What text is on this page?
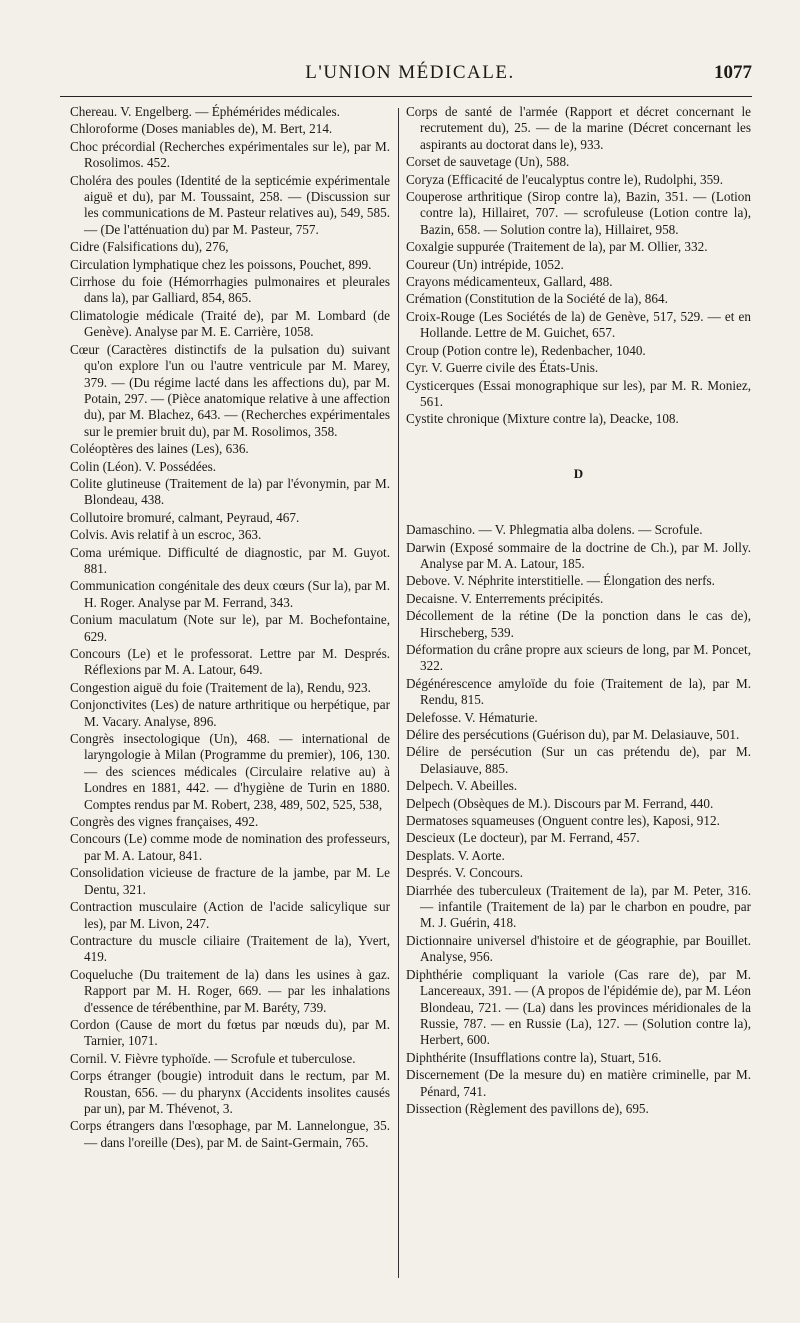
L'UNION MÉDICALE.	1077
Chereau. V. Engelberg. — Éphémérides médicales.
Chloroforme (Doses maniables de), M. Bert, 214.
Choc précordial (Recherches expérimentales sur le), par M. Rosolimos. 452.
Choléra des poules (Identité de la septicémie expérimentale aiguë et du), par M. Toussaint, 258. — (Discussion sur les communications de M. Pasteur relatives au), 549, 585. — (De l'atténuation du) par M. Pasteur, 757.
Cidre (Falsifications du), 276,
Circulation lymphatique chez les poissons, Pouchet, 899.
Cirrhose du foie (Hémorrhagies pulmonaires et pleurales dans la), par Galliard, 854, 865.
Climatologie médicale (Traité de), par M. Lombard (de Genève). Analyse par M. E. Carrière, 1058.
Cœur (Caractères distinctifs de la pulsation du) suivant qu'on explore l'un ou l'autre ventricule par M. Marey, 379. — (Du régime lacté dans les affections du), par M. Potain, 297. — (Pièce anatomique relative à une affection du), par M. Blachez, 643. — (Recherches expérimentales sur le premier bruit du), par M. Rosolimos, 358.
Coléoptères des laines (Les), 636.
Colin (Léon). V. Possédées.
Colite glutineuse (Traitement de la) par l'évonymin, par M. Blondeau, 438.
Collutoire bromuré, calmant, Peyraud, 467.
Colvis. Avis relatif à un escroc, 363.
Coma urémique. Difficulté de diagnostic, par M. Guyot. 881.
Communication congénitale des deux cœurs (Sur la), par M. H. Roger. Analyse par M. Ferrand, 343.
Conium maculatum (Note sur le), par M. Bochefontaine, 629.
Concours (Le) et le professorat. Lettre par M. Després. Réflexions par M. A. Latour, 649.
Congestion aiguë du foie (Traitement de la), Rendu, 923.
Conjonctivites (Les) de nature arthritique ou herpétique, par M. Vacary. Analyse, 896.
Congrès insectologique (Un), 468. — international de laryngologie à Milan (Programme du premier), 106, 130. — des sciences médicales (Circulaire relative au) à Londres en 1881, 442. — d'hygiène de Turin en 1880. Comptes rendus par M. Robert, 238, 489, 502, 525, 538,
Congrès des vignes françaises, 492.
Concours (Le) comme mode de nomination des professeurs, par M. A. Latour, 841.
Consolidation vicieuse de fracture de la jambe, par M. Le Dentu, 321.
Contraction musculaire (Action de l'acide salicylique sur les), par M. Livon, 247.
Contracture du muscle ciliaire (Traitement de la), Yvert, 419.
Coqueluche (Du traitement de la) dans les usines à gaz. Rapport par M. H. Roger, 669. — par les inhalations d'essence de térébenthine, par M. Baréty, 739.
Cordon (Cause de mort du fœtus par nœuds du), par M. Tarnier, 1071.
Cornil. V. Fièvre typhoïde. — Scrofule et tuberculose.
Corps étranger (bougie) introduit dans le rectum, par M. Roustan, 656. — du pharynx (Accidents insolites causés par un), par M. Thévenot, 3.
Corps étrangers dans l'œsophage, par M. Lannelongue, 35. — dans l'oreille (Des), par M. de Saint-Germain, 765.
Corps de santé de l'armée (Rapport et décret concernant le recrutement du), 25. — de la marine (Décret concernant les aspirants au doctorat dans le), 933.
Corset de sauvetage (Un), 588.
Coryza (Efficacité de l'eucalyptus contre le), Rudolphi, 359.
Couperose arthritique (Sirop contre la), Bazin, 351. — (Lotion contre la), Hillairet, 707. — scrofuleuse (Lotion contre la), Bazin, 658. — Solution contre la), Hillairet, 958.
Coxalgie suppurée (Traitement de la), par M. Ollier, 332.
Coureur (Un) intrépide, 1052.
Crayons médicamenteux, Gallard, 488.
Crémation (Constitution de la Société de la), 864.
Croix-Rouge (Les Sociétés de la) de Genève, 517, 529. — et en Hollande. Lettre de M. Guichet, 657.
Croup (Potion contre le), Redenbacher, 1040.
Cyr. V. Guerre civile des États-Unis.
Cysticerques (Essai monographique sur les), par M. R. Moniez, 561.
Cystite chronique (Mixture contre la), Deacke, 108.
D
Damaschino. — V. Phlegmatia alba dolens. — Scrofule.
Darwin (Exposé sommaire de la doctrine de Ch.), par M. Jolly. Analyse par M. A. Latour, 185.
Debove. V. Néphrite interstitielle. — Élongation des nerfs.
Decaisne. V. Enterrements précipités.
Décollement de la rétine (De la ponction dans le cas de), Hirscheberg, 539.
Déformation du crâne propre aux scieurs de long, par M. Poncet, 322.
Dégénérescence amyloïde du foie (Traitement de la), par M. Rendu, 815.
Delefosse. V. Hématurie.
Délire des persécutions (Guérison du), par M. Delasiauve, 501.
Délire de persécution (Sur un cas prétendu de), par M. Delasiauve, 885.
Delpech. V. Abeilles.
Delpech (Obsèques de M.). Discours par M. Ferrand, 440.
Dermatoses squameuses (Onguent contre les), Kaposi, 912.
Descieux (Le docteur), par M. Ferrand, 457.
Desplats. V. Aorte.
Després. V. Concours.
Diarrhée des tuberculeux (Traitement de la), par M. Peter, 316. — infantile (Traitement de la) par le charbon en poudre, par M. J. Guérin, 418.
Dictionnaire universel d'histoire et de géographie, par Bouillet. Analyse, 956.
Diphthérie compliquant la variole (Cas rare de), par M. Lancereaux, 391. — (A propos de l'épidémie de), par M. Léon Blondeau, 721. — (La) dans les provinces méridionales de la Russie, 787. — en Russie (La), 127. — (Solution contre la), Herbert, 600.
Diphthérite (Insufflations contre la), Stuart, 516.
Discernement (De la mesure du) en matière criminelle, par M. Pénard, 741.
Dissection (Règlement des pavillons de), 695.
